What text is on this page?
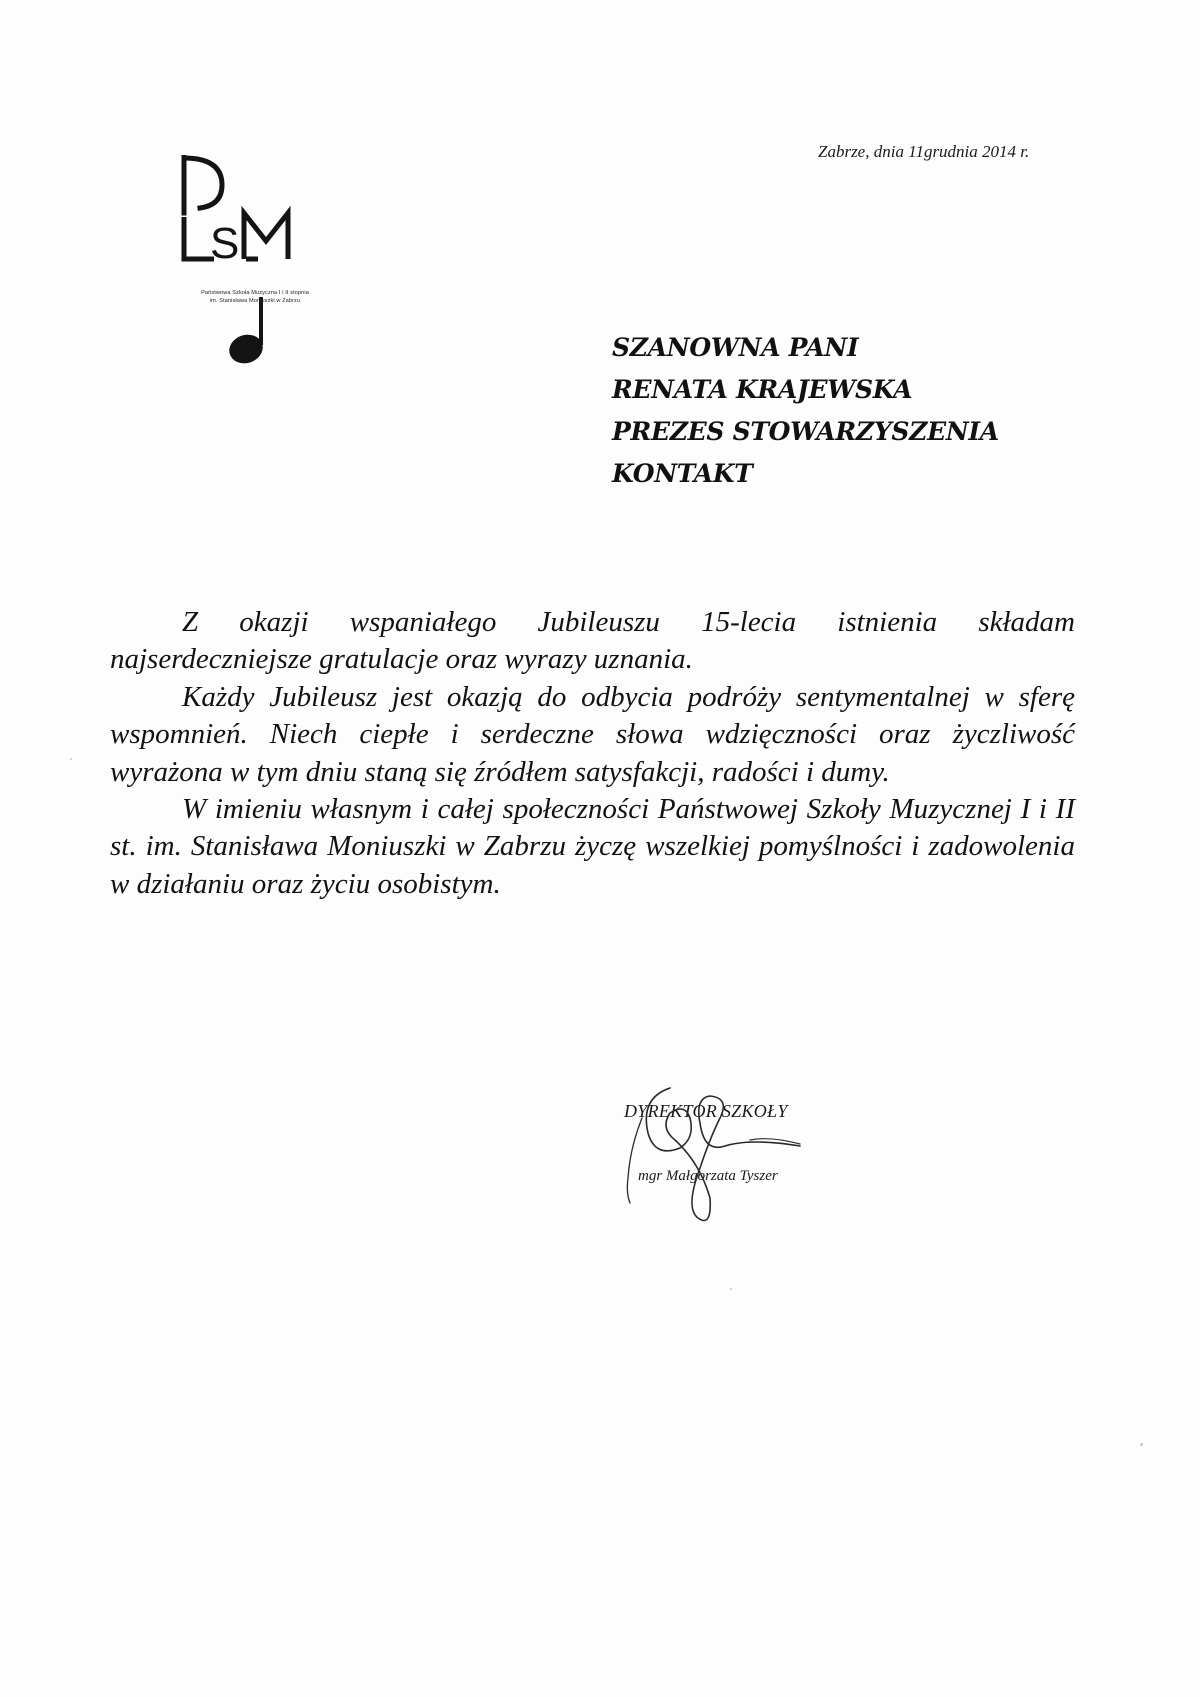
Zabrze, dnia 11grudnia 2014 r.
S
Państwowa Szkoła Muzyczna I i II stopnia
im. Stanisława Moniuszki w Zabrzu
SZANOWNA PANI
RENATA KRAJEWSKA
PREZES STOWARZYSZENIA
KONTAKT

Z okazji wspaniałego Jubileuszu 15-lecia istnienia składam najserdeczniejsze gratulacje oraz wyrazy uznania.

Każdy Jubileusz jest okazją do odbycia podróży sentymentalnej w sferę wspomnień. Niech ciepłe i serdeczne słowa wdzięczności oraz życzliwość wyrażona w tym dniu staną się źródłem satysfakcji, radości i dumy.

W imieniu własnym i całej społeczności Państwowej Szkoły Muzycznej I i II st. im. Stanisława Moniuszki w Zabrzu życzę wszelkiej pomyślności i zadowolenia w działaniu oraz życiu osobistym.

DYREKTOR SZKOŁY
mgr Małgorzata Tyszer
